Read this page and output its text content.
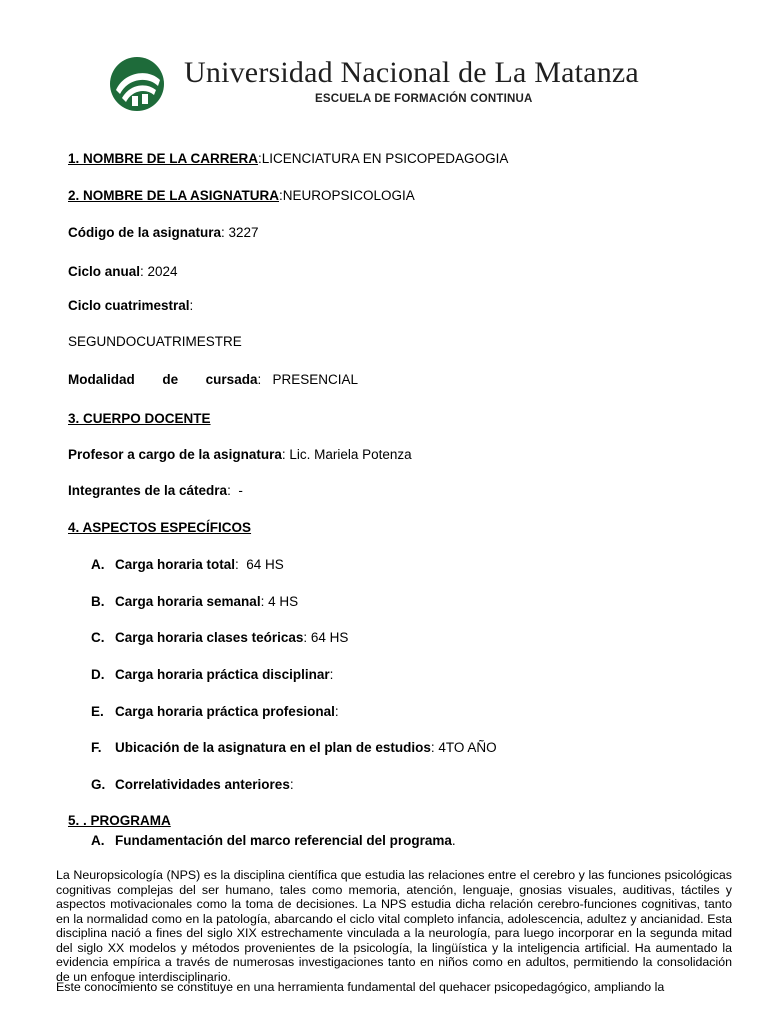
Universidad Nacional de La Matanza
ESCUELA DE FORMACIÓN CONTINUA
1. NOMBRE DE LA CARRERA:LICENCIATURA EN PSICOPEDAGOGIA
2. NOMBRE DE LA ASIGNATURA:NEUROPSICOLOGIA
Código de la asignatura: 3227
Ciclo anual: 2024
Ciclo cuatrimestral:
SEGUNDOCUATRIMESTRE
Modalidad de cursada:   PRESENCIAL
3. CUERPO DOCENTE
Profesor a cargo de la asignatura: Lic. Mariela Potenza
Integrantes de la cátedra:  -
4. ASPECTOS ESPECÍFICOS
A. Carga horaria total:  64 HS
B. Carga horaria semanal: 4 HS
C. Carga horaria clases teóricas: 64 HS
D. Carga horaria práctica disciplinar:
E. Carga horaria práctica profesional:
F. Ubicación de la asignatura en el plan de estudios: 4TO AÑO
G. Correlatividades anteriores:
5. . PROGRAMA
A. Fundamentación del marco referencial del programa.
La Neuropsicología (NPS) es la disciplina científica que estudia las relaciones entre el cerebro y las funciones psicológicas cognitivas complejas del ser humano, tales como memoria, atención, lenguaje, gnosias visuales, auditivas, táctiles y aspectos motivacionales como la toma de decisiones. La NPS estudia dicha relación cerebro-funciones cognitivas, tanto en la normalidad como en la patología, abarcando el ciclo vital completo infancia, adolescencia, adultez y ancianidad. Esta disciplina nació a fines del siglo XIX estrechamente vinculada a la neurología, para luego incorporar en la segunda mitad del siglo XX modelos y métodos provenientes de la psicología, la lingüística y la inteligencia artificial. Ha aumentado la evidencia empírica a través de numerosas investigaciones tanto en niños como en adultos, permitiendo la consolidación de un enfoque interdisciplinario.
Este conocimiento se constituye en una herramienta fundamental del quehacer psicopedagógico, ampliando la
